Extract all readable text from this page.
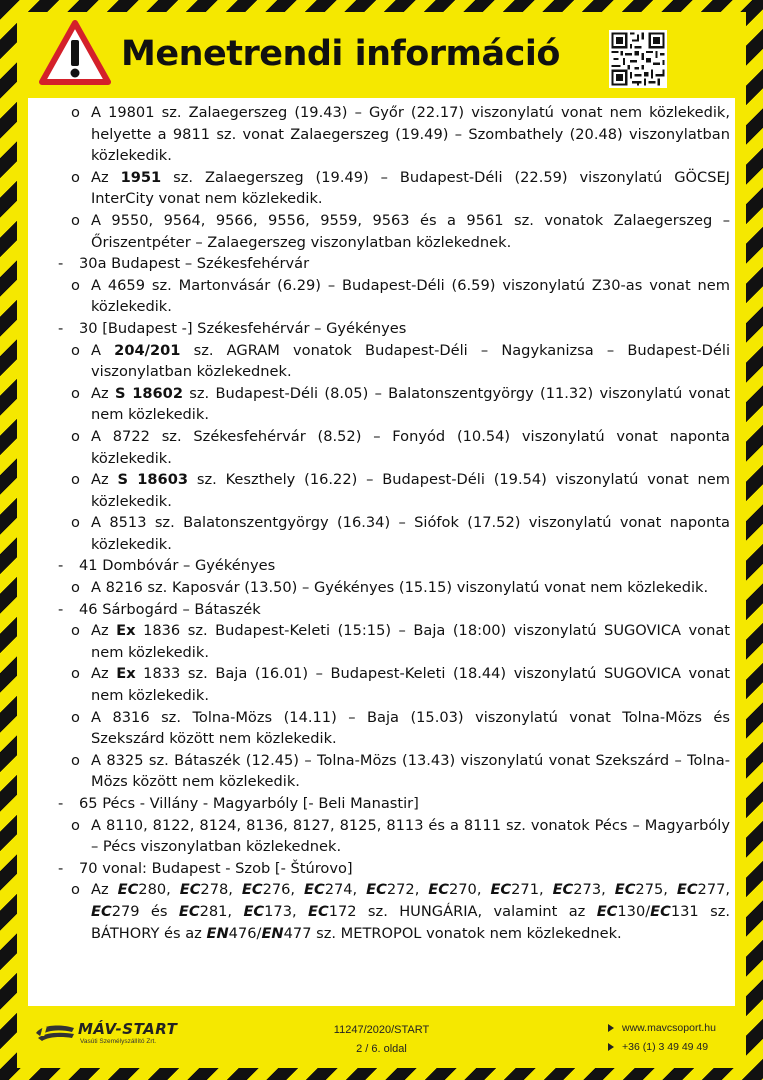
Menetrendi információ
o A 19801 sz. Zalaegerszeg (19.43) – Győr (22.17) viszonylatú vonat nem közlekedik, helyette a 9811 sz. vonat Zalaegerszeg (19.49) – Szombathely (20.48) viszonylatban közlekedik.
o Az 1951 sz. Zalaegerszeg (19.49) – Budapest-Déli (22.59) viszonylatú GÖCSEJ InterCity vonat nem közlekedik.
o A 9550, 9564, 9566, 9556, 9559, 9563 és a 9561 sz. vonatok Zalaegerszeg – Őriszentpéter – Zalaegerszeg viszonylatban közlekednek.
- 30a Budapest – Székesfehérvár
o A 4659 sz. Martonvásár (6.29) – Budapest-Déli (6.59) viszonylatú Z30-as vonat nem közlekedik.
- 30 [Budapest -] Székesfehérvár – Gyékényes
o A 204/201 sz. AGRAM vonatok Budapest-Déli – Nagykanizsa – Budapest-Déli viszonylatban közlekednek.
o Az S 18602 sz. Budapest-Déli (8.05) – Balatonszentgyörgy (11.32) viszonylatú vonat nem közlekedik.
o A 8722 sz. Székesfehérvár (8.52) – Fonyód (10.54) viszonylatú vonat naponta közlekedik.
o Az S 18603 sz. Keszthely (16.22) – Budapest-Déli (19.54) viszonylatú vonat nem közlekedik.
o A 8513 sz. Balatonszentgyörgy (16.34) – Siófok (17.52) viszonylatú vonat naponta közlekedik.
- 41 Dombóvár – Gyékényes
o A 8216 sz. Kaposvár (13.50) – Gyékényes (15.15) viszonylatú vonat nem közlekedik.
- 46 Sárbogárd – Bátaszék
o Az Ex 1836 sz. Budapest-Keleti (15:15) – Baja (18:00) viszonylatú SUGOVICA vonat nem közlekedik.
o Az Ex 1833 sz. Baja (16.01) – Budapest-Keleti (18.44) viszonylatú SUGOVICA vonat nem közlekedik.
o A 8316 sz. Tolna-Mözs (14.11) – Baja (15.03) viszonylatú vonat Tolna-Mözs és Szekszárd között nem közlekedik.
o A 8325 sz. Bátaszék (12.45) – Tolna-Mözs (13.43) viszonylatú vonat Szekszárd – Tolna-Mözs között nem közlekedik.
- 65 Pécs - Villány - Magyarbóly [- Beli Manastir]
o A 8110, 8122, 8124, 8136, 8127, 8125, 8113 és a 8111 sz. vonatok Pécs – Magyarbóly – Pécs viszonylatban közlekednek.
- 70 vonal: Budapest - Szob [- Štúrovo]
o Az EC280, EC278, EC276, EC274, EC272, EC270, EC271, EC273, EC275, EC277, EC279 és EC281, EC173, EC172 sz. HUNGÁRIA, valamint az EC130/EC131 sz. BÁTHORY és az EN476/EN477 sz. METROPOL vonatok nem közlekednek.
MÁV-START
Vasúti Személyszállító Zrt.
11247/2020/START
2 / 6. oldal
www.mavcsoport.hu
+36 (1) 3 49 49 49
